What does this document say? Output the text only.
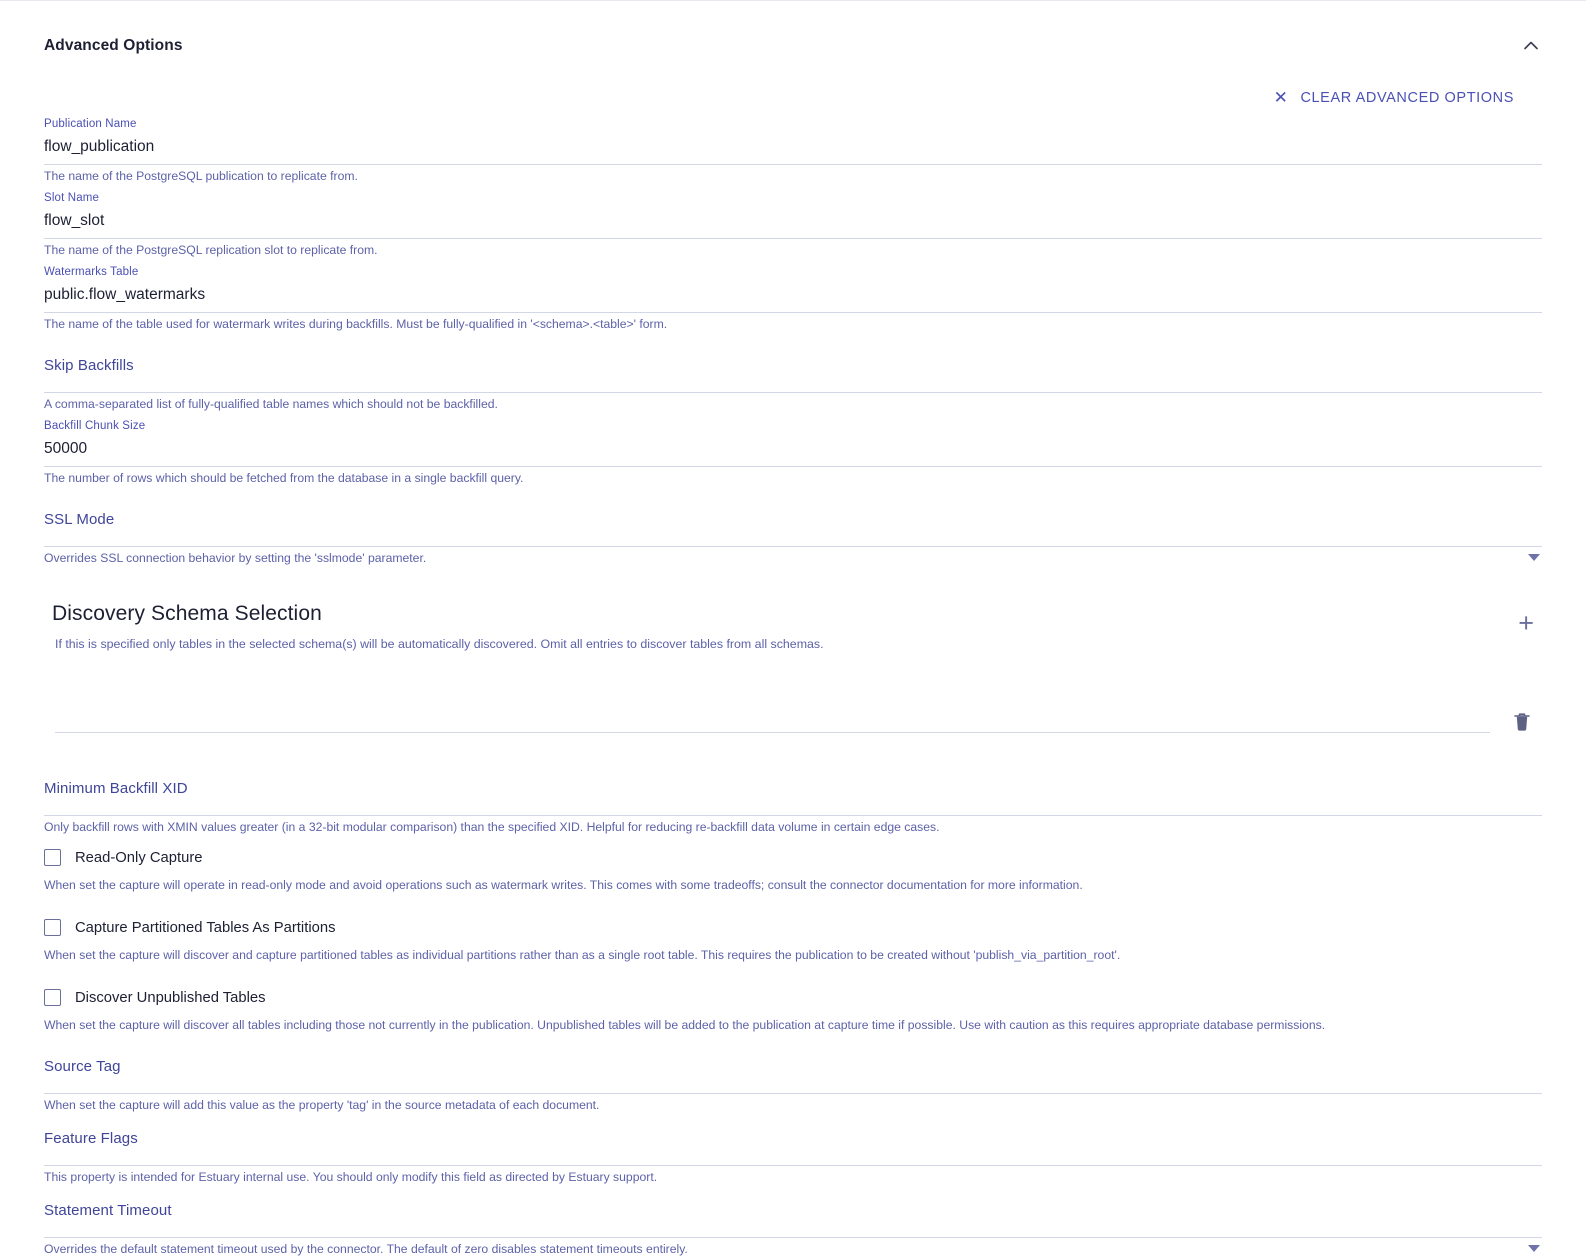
Advanced Options
✕ CLEAR ADVANCED OPTIONS
Publication Name
flow_publication
The name of the PostgreSQL publication to replicate from.
Slot Name
flow_slot
The name of the PostgreSQL replication slot to replicate from.
Watermarks Table
public.flow_watermarks
The name of the table used for watermark writes during backfills. Must be fully-qualified in '<schema>.<table>' form.
Skip Backfills
A comma-separated list of fully-qualified table names which should not be backfilled.
Backfill Chunk Size
50000
The number of rows which should be fetched from the database in a single backfill query.
SSL Mode
Overrides SSL connection behavior by setting the 'sslmode' parameter.
Discovery Schema Selection
If this is specified only tables in the selected schema(s) will be automatically discovered. Omit all entries to discover tables from all schemas.
+
Minimum Backfill XID
Only backfill rows with XMIN values greater (in a 32-bit modular comparison) than the specified XID. Helpful for reducing re-backfill data volume in certain edge cases.
Read-Only Capture
When set the capture will operate in read-only mode and avoid operations such as watermark writes. This comes with some tradeoffs; consult the connector documentation for more information.
Capture Partitioned Tables As Partitions
When set the capture will discover and capture partitioned tables as individual partitions rather than as a single root table. This requires the publication to be created without 'publish_via_partition_root'.
Discover Unpublished Tables
When set the capture will discover all tables including those not currently in the publication. Unpublished tables will be added to the publication at capture time if possible. Use with caution as this requires appropriate database permissions.
Source Tag
When set the capture will add this value as the property 'tag' in the source metadata of each document.
Feature Flags
This property is intended for Estuary internal use. You should only modify this field as directed by Estuary support.
Statement Timeout
Overrides the default statement timeout used by the connector. The default of zero disables statement timeouts entirely.
